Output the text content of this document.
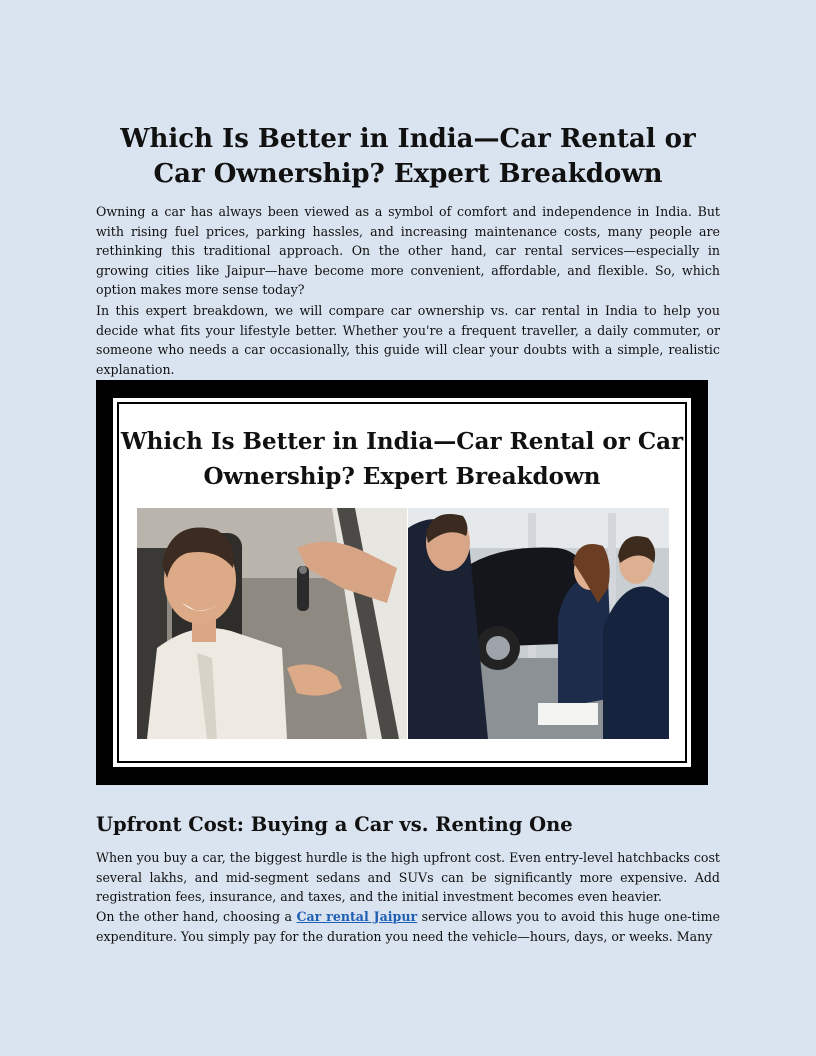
Which Is Better in India—Car Rental or Car Ownership? Expert Breakdown

Owning a car has always been viewed as a symbol of comfort and independence in India. But with rising fuel prices, parking hassles, and increasing maintenance costs, many people are rethinking this traditional approach. On the other hand, car rental services—especially in growing cities like Jaipur—have become more convenient, affordable, and flexible. So, which option makes more sense today?

In this expert breakdown, we will compare car ownership vs. car rental in India to help you decide what fits your lifestyle better. Whether you're a frequent traveller, a daily commuter, or someone who needs a car occasionally, this guide will clear your doubts with a simple, realistic explanation.

Which Is Better in India—Car Rental or Car
Ownership? Expert Breakdown
Upfront Cost: Buying a Car vs. Renting One

When you buy a car, the biggest hurdle is the high upfront cost. Even entry-level hatchbacks cost several lakhs, and mid-segment sedans and SUVs can be significantly more expensive. Add registration fees, insurance, and taxes, and the initial investment becomes even heavier.

On the other hand, choosing a Car rental Jaipur service allows you to avoid this huge one-time expenditure. You simply pay for the duration you need the vehicle—hours, days, or weeks. Many
